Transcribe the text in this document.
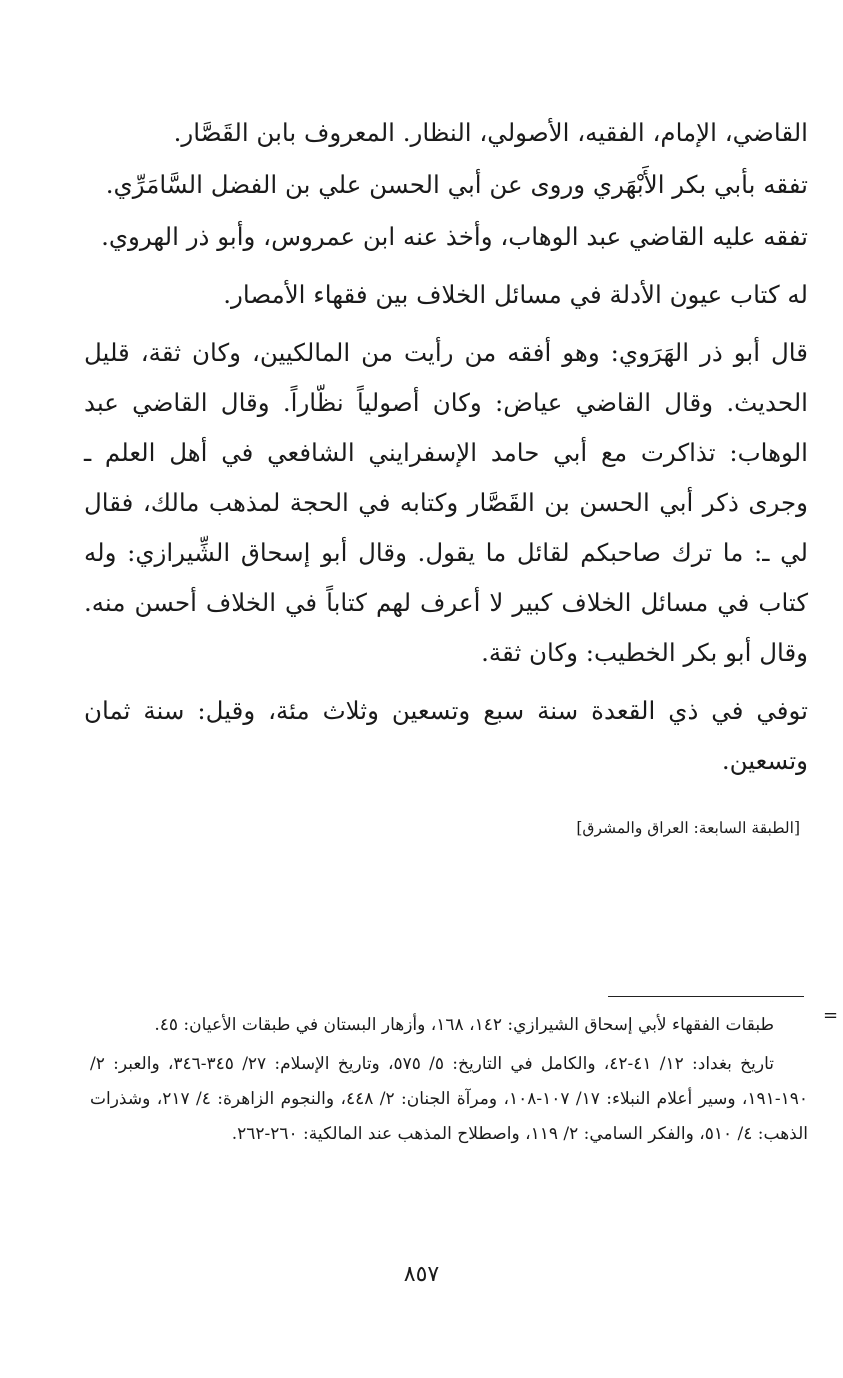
القاضي، الإمام، الفقيه، الأصولي، النظار. المعروف بابن القَصَّار.

تفقه بأبي بكر الأَبْهَري وروى عن أبي الحسن علي بن الفضل السَّامَرِّي.

تفقه عليه القاضي عبد الوهاب، وأخذ عنه ابن عمروس، وأبو ذر الهروي.

له كتاب عيون الأدلة في مسائل الخلاف بين فقهاء الأمصار.

قال أبو ذر الهَرَوي: وهو أفقه من رأيت من المالكيين، وكان ثقة، قليل الحديث. وقال القاضي عياض: وكان أصولياً نظّاراً. وقال القاضي عبد الوهاب: تذاكرت مع أبي حامد الإسفرايني الشافعي في أهل العلم ـ وجرى ذكر أبي الحسن بن القَصَّار وكتابه في الحجة لمذهب مالك، فقال لي ـ: ما ترك صاحبكم لقائل ما يقول. وقال أبو إسحاق الشِّيرازي: وله كتاب في مسائل الخلاف كبير لا أعرف لهم كتاباً في الخلاف أحسن منه. وقال أبو بكر الخطيب: وكان ثقة.

توفي في ذي القعدة سنة سبع وتسعين وثلاث مئة، وقيل: سنة ثمان وتسعين.

[الطبقة السابعة: العراق والمشرق]
=

طبقات الفقهاء لأبي إسحاق الشيرازي: ١٤٢، ١٦٨، وأزهار البستان في طبقات الأعيان: ٤٥.

تاريخ بغداد: ١٢/ ٤١-٤٢، والكامل في التاريخ: ٥/ ٥٧٥، وتاريخ الإسلام: ٢٧/ ٣٤٥-٣٤٦، والعبر: ٢/ ١٩٠-١٩١، وسير أعلام النبلاء: ١٧/ ١٠٧-١٠٨، ومرآة الجنان: ٢/ ٤٤٨، والنجوم الزاهرة: ٤/ ٢١٧، وشذرات الذهب: ٤/ ٥١٠، والفكر السامي: ٢/ ١١٩، واصطلاح المذهب عند المالكية: ٢٦٠-٢٦٢.

٨٥٧
